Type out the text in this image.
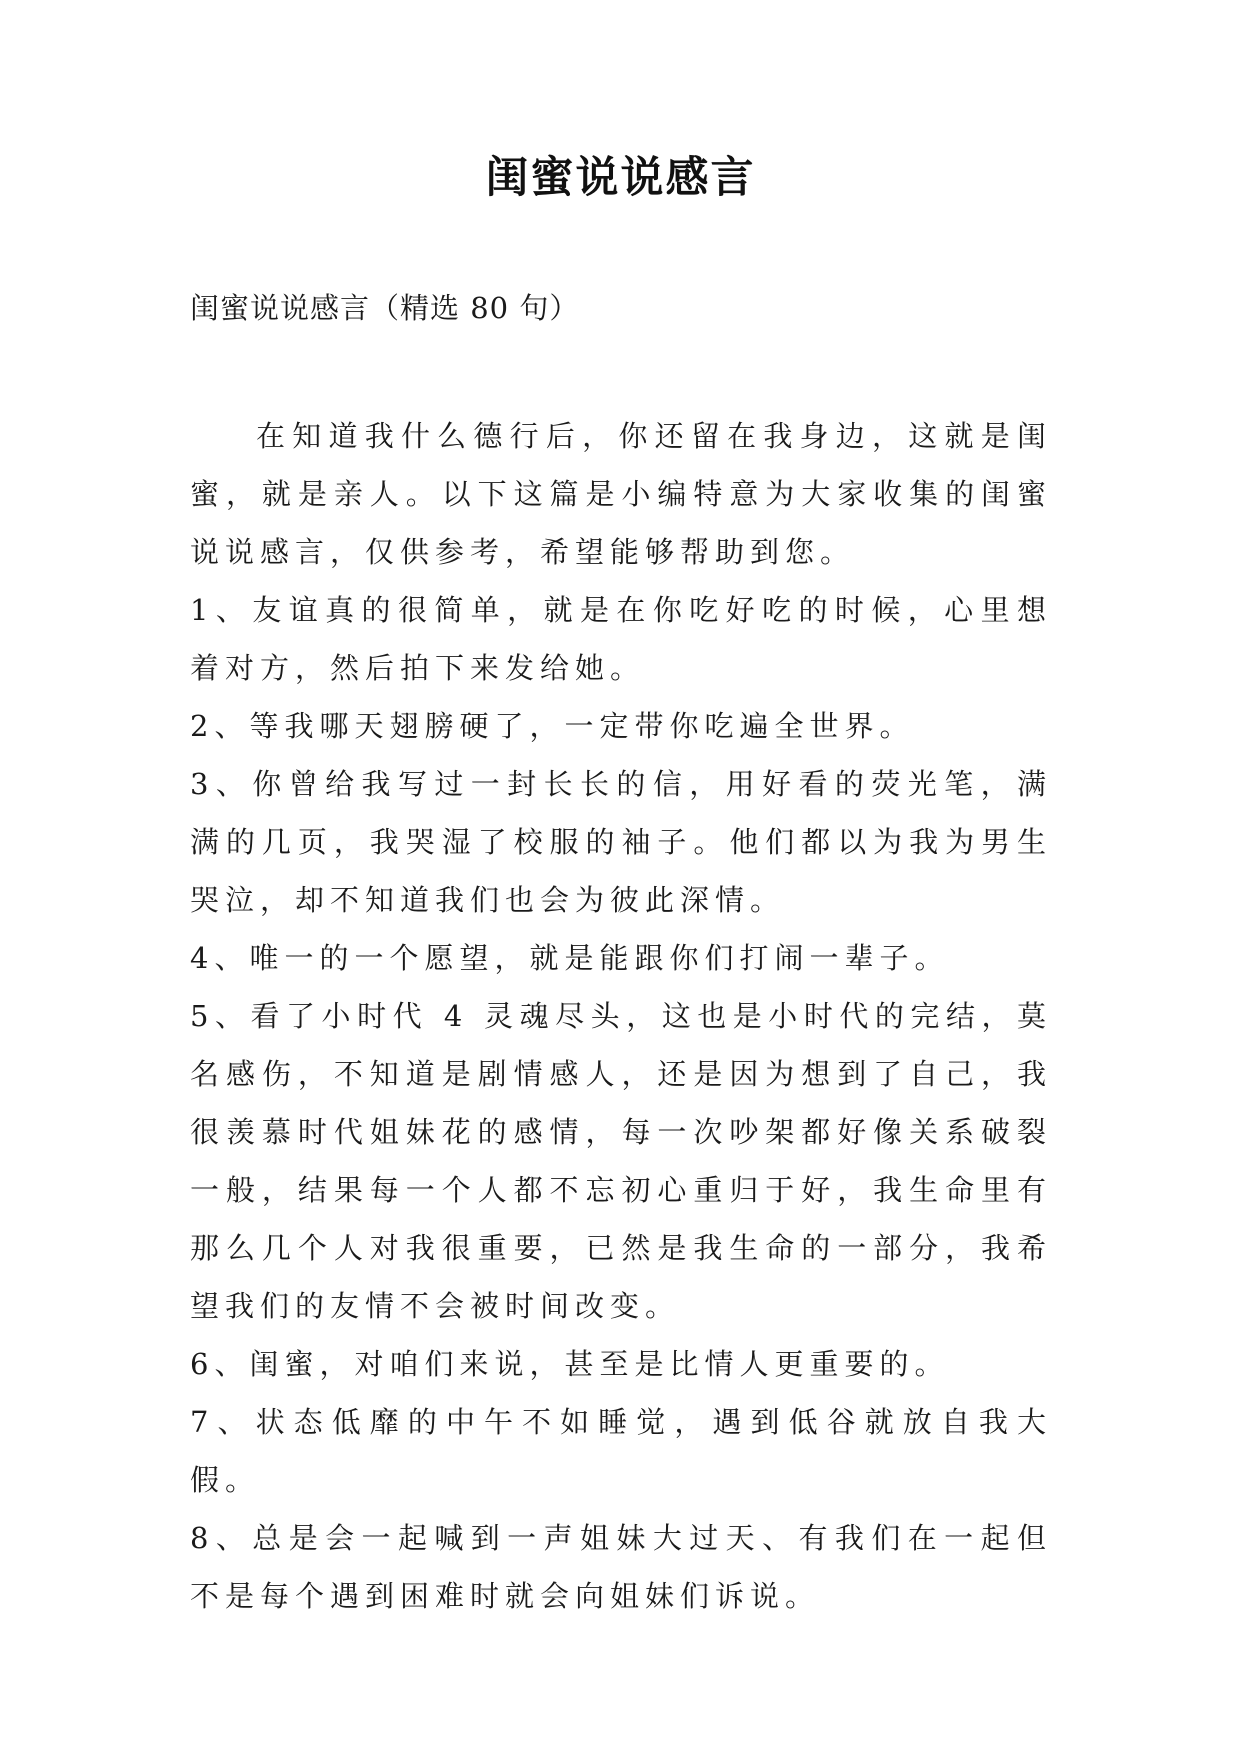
闺蜜说说感言
闺蜜说说感言（精选 80 句）

在知道我什么德行后，你还留在我身边，这就是闺蜜，就是亲人。以下这篇是小编特意为大家收集的闺蜜说说感言，仅供参考，希望能够帮助到您。

1、友谊真的很简单，就是在你吃好吃的时候，心里想着对方，然后拍下来发给她。

2、等我哪天翅膀硬了，一定带你吃遍全世界。

3、你曾给我写过一封长长的信，用好看的荧光笔，满满的几页，我哭湿了校服的袖子。他们都以为我为男生哭泣，却不知道我们也会为彼此深情。

4、唯一的一个愿望，就是能跟你们打闹一辈子。

5、看了小时代 4 灵魂尽头，这也是小时代的完结，莫名感伤，不知道是剧情感人，还是因为想到了自己，我很羡慕时代姐妹花的感情，每一次吵架都好像关系破裂一般，结果每一个人都不忘初心重归于好，我生命里有那么几个人对我很重要，已然是我生命的一部分，我希望我们的友情不会被时间改变。

6、闺蜜，对咱们来说，甚至是比情人更重要的。

7、状态低靡的中午不如睡觉，遇到低谷就放自我大假。

8、总是会一起喊到一声姐妹大过天、有我们在一起但不是每个遇到困难时就会向姐妹们诉说。
